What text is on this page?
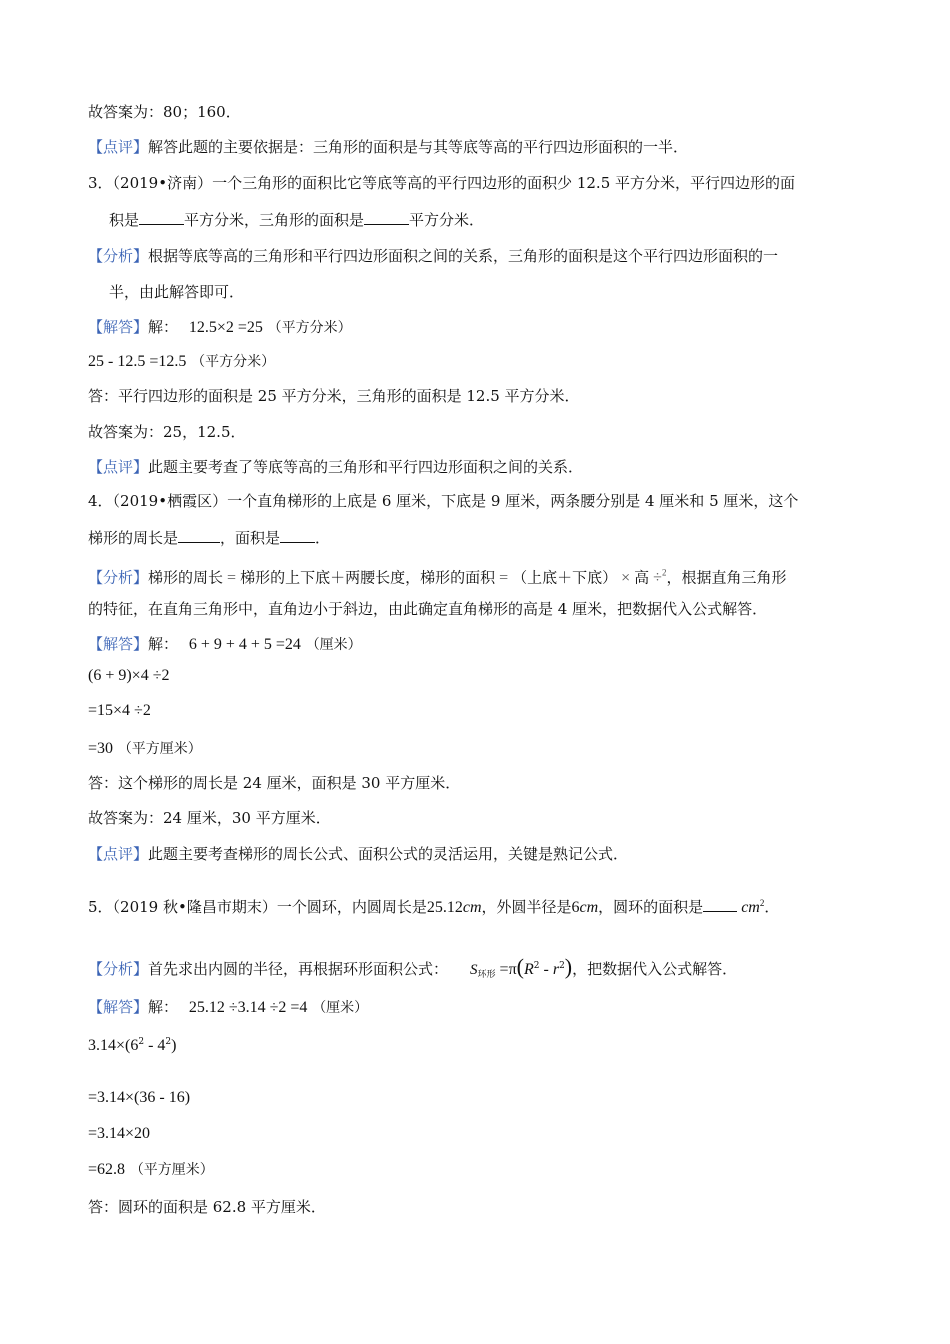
故答案为：80；160．
【点评】解答此题的主要依据是：三角形的面积是与其等底等高的平行四边形面积的一半．
3．（2019•济南）一个三角形的面积比它等底等高的平行四边形的面积少 12.5 平方分米，平行四边形的面
积是	平方分米，三角形的面积是	平方分米．
【分析】根据等底等高的三角形和平行四边形面积之间的关系，三角形的面积是这个平行四边形面积的一
半，由此解答即可．
【解答】解： 12.5×2 =25 （平方分米）
25 - 12.5 =12.5 （平方分米）
答：平行四边形的面积是 25 平方分米，三角形的面积是 12.5 平方分米．
故答案为：25，12.5．
【点评】此题主要考查了等底等高的三角形和平行四边形面积之间的关系．
4．（2019•栖霞区）一个直角梯形的上底是 6 厘米，下底是 9 厘米，两条腰分别是 4 厘米和 5 厘米，这个
梯形的周长是	，面积是 ．
【分析】梯形的周长 = 梯形的上下底＋两腰长度，梯形的面积 = （上底＋下底） × 高 ÷$^2$，根据直角三角形
的特征，在直角三角形中，直角边小于斜边，由此确定直角梯形的高是 4 厘米，把数据代入公式解答．
【解答】解： 6 + 9 + 4 + 5 =24 （厘米）
(6 + 9)×4 ÷2
=15×4 ÷2
=30 （平方厘米）
答：这个梯形的周长是 24 厘米，面积是 30 平方厘米．
故答案为：24 厘米，30 平方厘米．
【点评】此题主要考查梯形的周长公式、面积公式的灵活运用，关键是熟记公式．
5．（2019 秋•隆昌市期末）一个圆环，内圆周长是25.12cm，外圆半径是6cm，圆环的面积是 $cm^2$．
【分析】首先求出内圆的半径，再根据环形面积公式： $S_{环形} =\pi(R^2 - r^2)$，把数据代入公式解答．
【解答】解： 25.12 ÷3.14 ÷2 =4 （厘米）
$3.14\times(6^2 - 4^2)$
=3.14×(36 - 16)
=3.14×20
=62.8 （平方厘米）
答：圆环的面积是 62.8 平方厘米．
